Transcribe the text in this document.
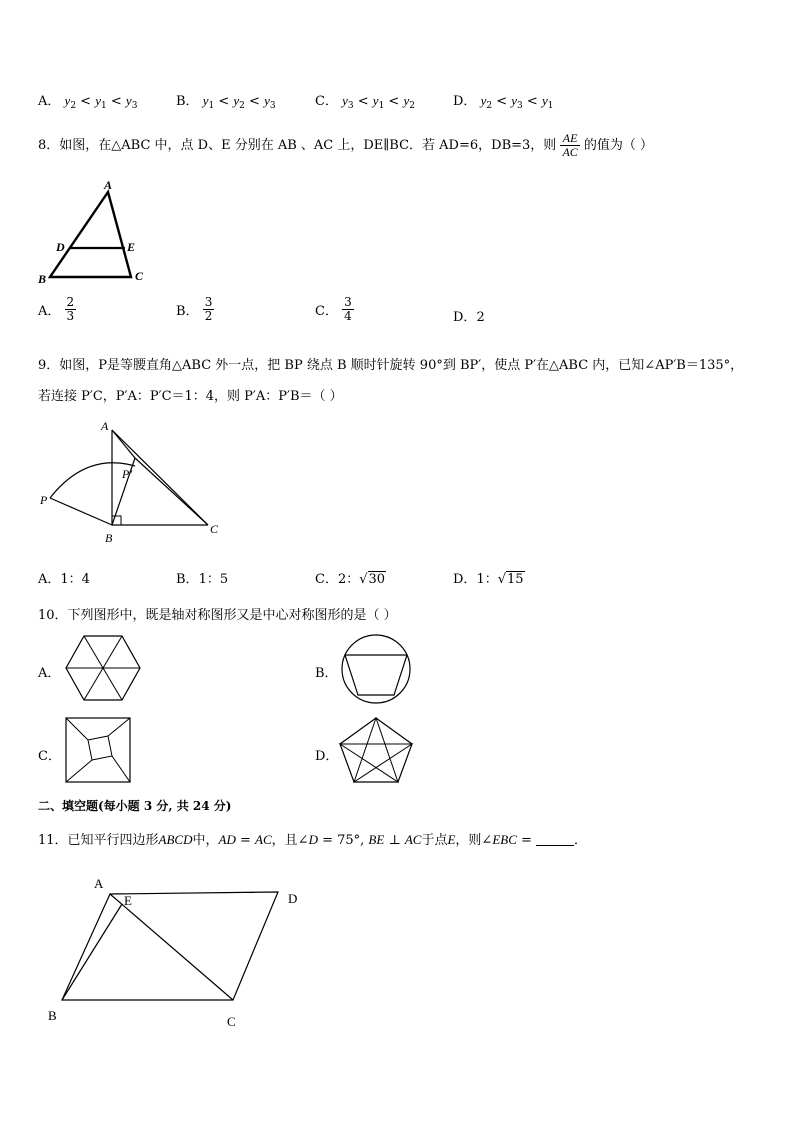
A． $y_2 < y_1 < y_3$	B． $y_1 < y_2 < y_3$	C． $y_3 < y_1 < y_2$	D． $y_2 < y_3 < y_1$
8．如图，在△ABC 中，点 D、E 分别在 AB 、AC 上，DE∥BC．若 AD=6，DB=3，则 $\frac{AE}{AC}$ 的值为（ ）
A
D	E
B	C
A． $\frac{2}{3}$	B． $\frac{3}{2}$	C． $\frac{3}{4}$	D．2
9．如图，P是等腰直角△ABC 外一点，把 BP 绕点 B 顺时针旋转 90°到 BP′，使点 P′在△ABC 内，已知∠AP′B＝135°，
若连接 P′C，P′A：P′C＝1：4，则 P′A：P′B＝（ ）
A
P′
P
B
C
A．1：4	B．1：5	C．2：√30	D．1：√15
10．下列图形中，既是轴对称图形又是中心对称图形的是（ ）
A．	B．
C．	D．
二、填空题(每小题 3 分, 共 24 分)
11．已知平行四边形ABCD中，AD = AC，且∠D = 75°, BE ⊥ AC于点E，则∠EBC =	．
A
E	D
B	C
